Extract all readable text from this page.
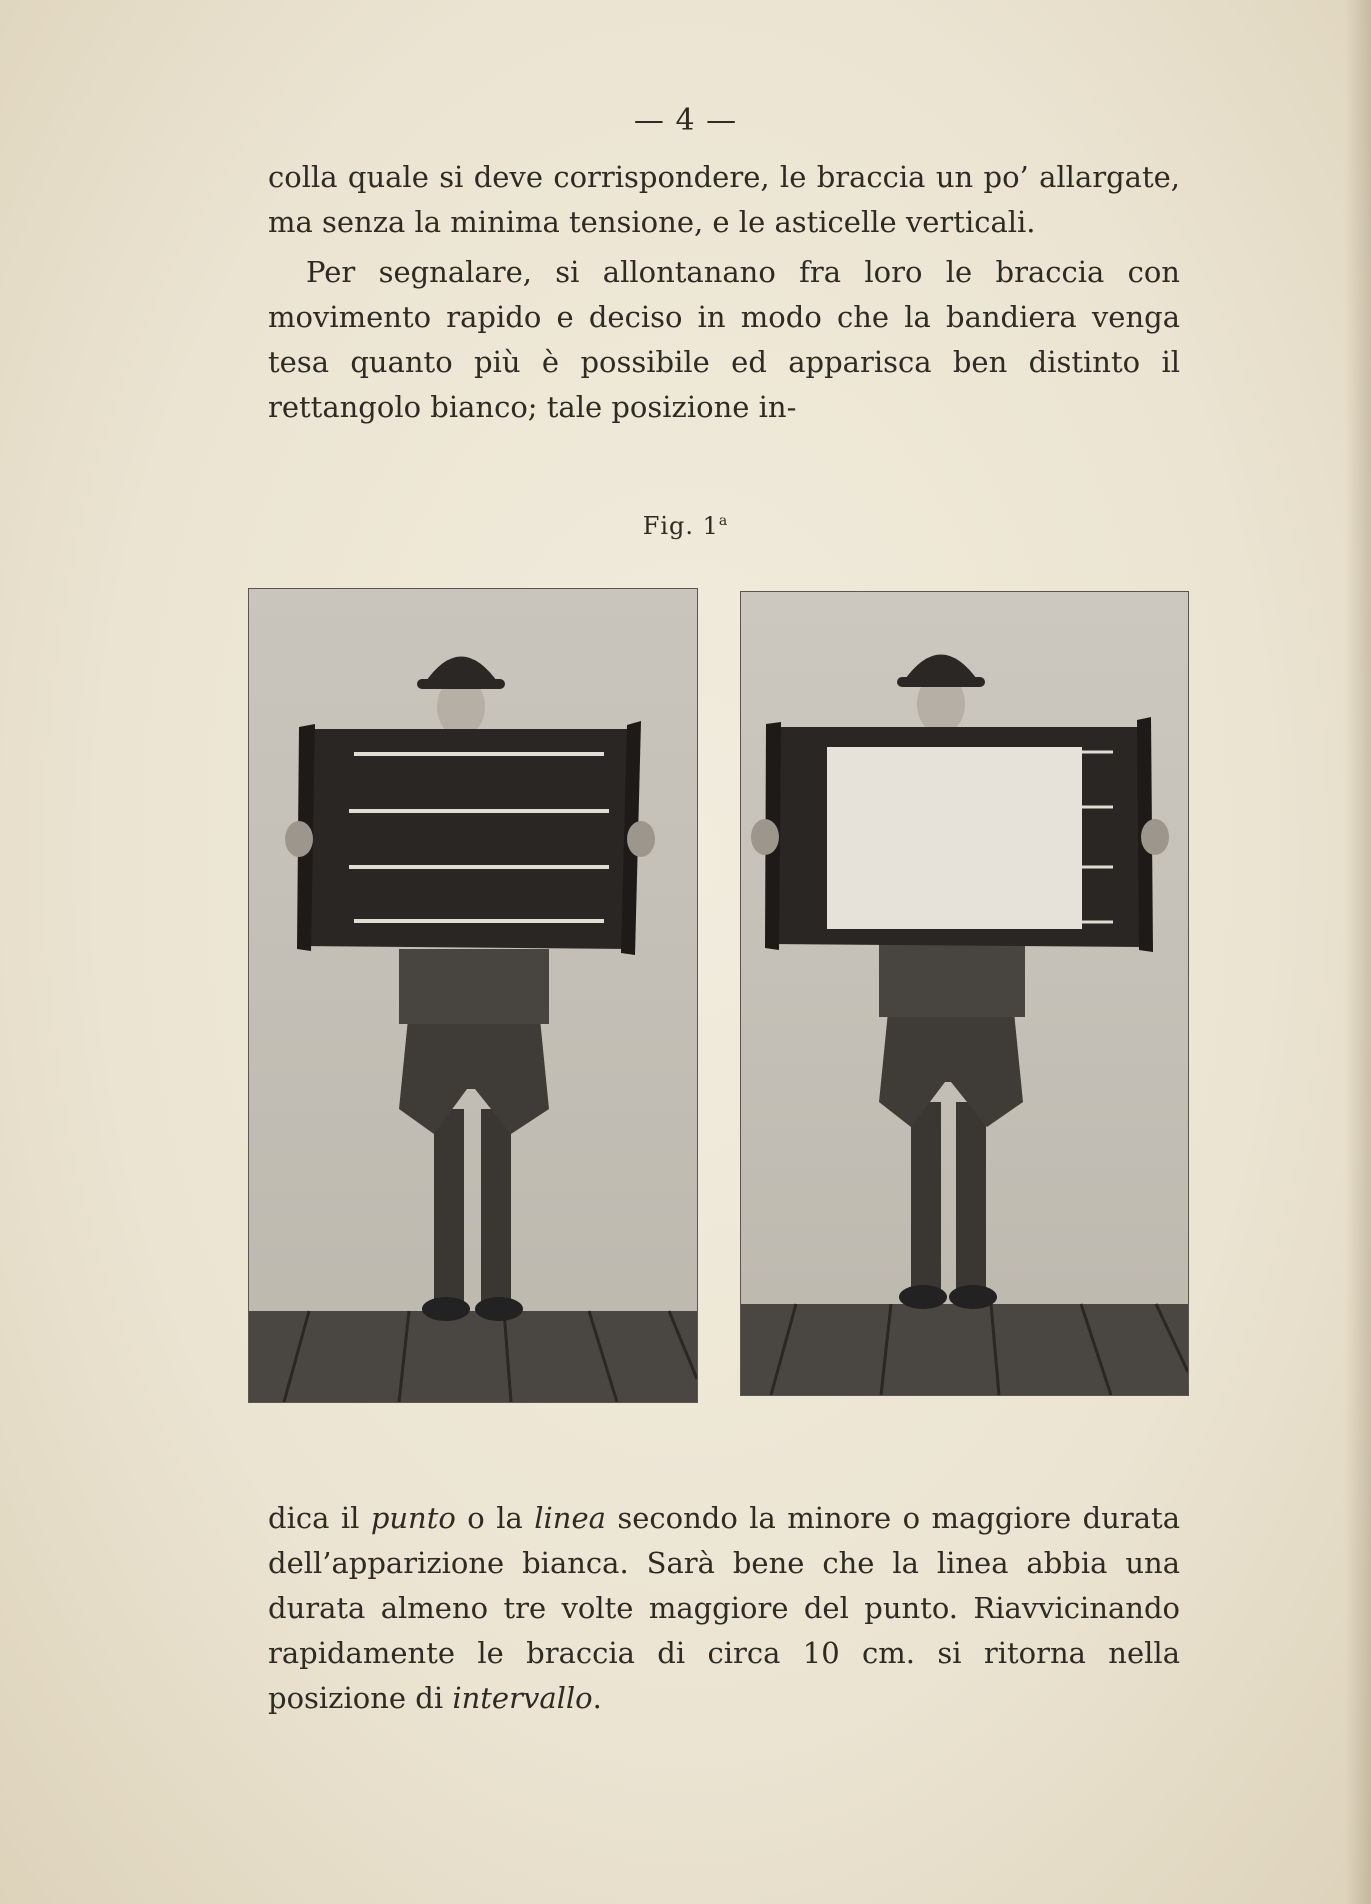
— 4 —

colla quale si deve corrispondere, le braccia un po’ allargate, ma senza la minima tensione, e le asticelle verticali.

Per segnalare, si allontanano fra loro le braccia con movimento rapido e deciso in modo che la bandiera venga tesa quanto più è possibile ed apparisca ben distinto il rettangolo bianco; tale posizione in-

Fig. 1$^a$

dica il punto o la linea secondo la minore o maggiore durata dell’apparizione bianca. Sarà bene che la linea abbia una durata almeno tre volte maggiore del punto. Riavvicinando rapidamente le braccia di circa 10 cm. si ritorna nella posizione di intervallo.
